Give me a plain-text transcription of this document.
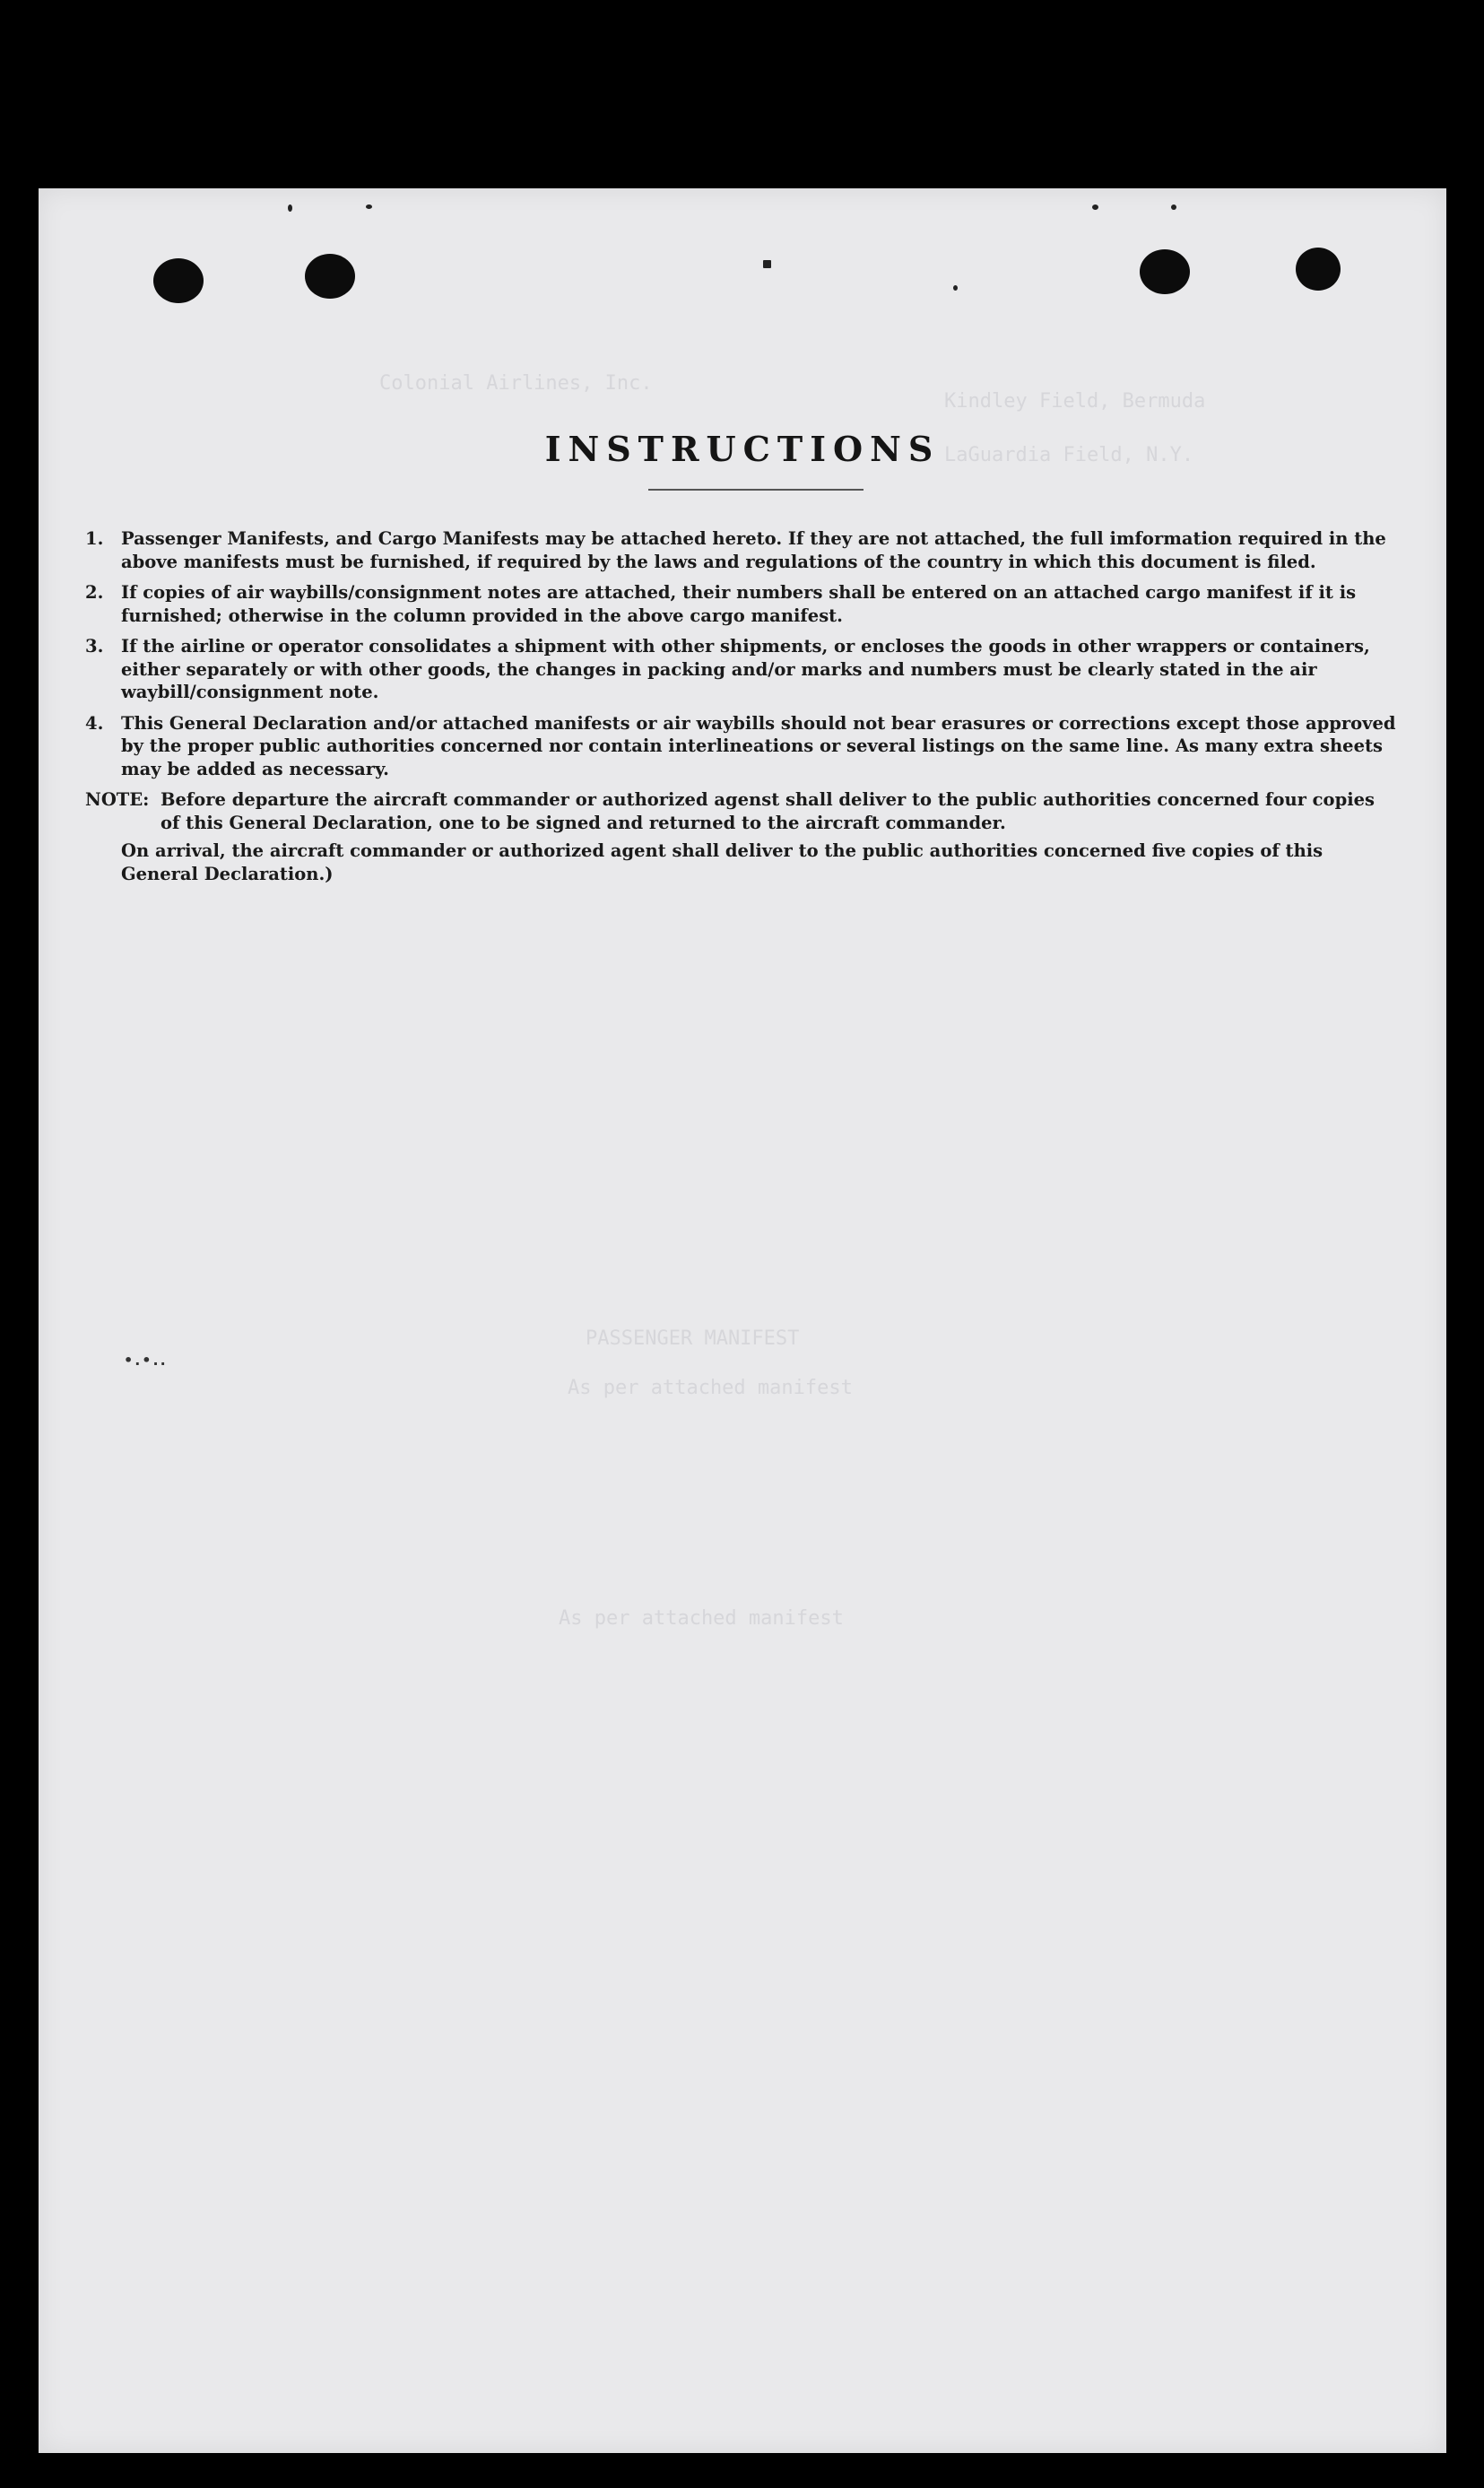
Colonial Airlines, Inc.
Kindley Field, Bermuda
LaGuardia Field, N.Y.
PASSENGER MANIFEST
As per attached manifest
As per attached manifest
INSTRUCTIONS
1.	Passenger Manifests, and Cargo Manifests may be attached hereto. If they are not attached, the full imformation required in the above manifests must be furnished, if required by the laws and regulations of the country in which this document is filed.
2.	If copies of air waybills/consignment notes are attached, their numbers shall be entered on an attached cargo manifest if it is furnished; otherwise in the column provided in the above cargo manifest.
3.	If the airline or operator consolidates a shipment with other shipments, or encloses the goods in other wrappers or containers, either separately or with other goods, the changes in packing and/or marks and numbers must be clearly stated in the air waybill/consignment note.
4.	This General Declaration and/or attached manifests or air waybills should not bear erasures or corrections except those approved by the proper public authorities concerned nor contain interlineations or several listings on the same line. As many extra sheets may be added as necessary.
NOTE: Before departure the aircraft commander or authorized agenst shall deliver to the public authorities concerned four copies of this General Declaration, one to be signed and returned to the aircraft commander.
On arrival, the aircraft commander or authorized agent shall deliver to the public authorities concerned five copies of this General Declaration.)
•.•..
